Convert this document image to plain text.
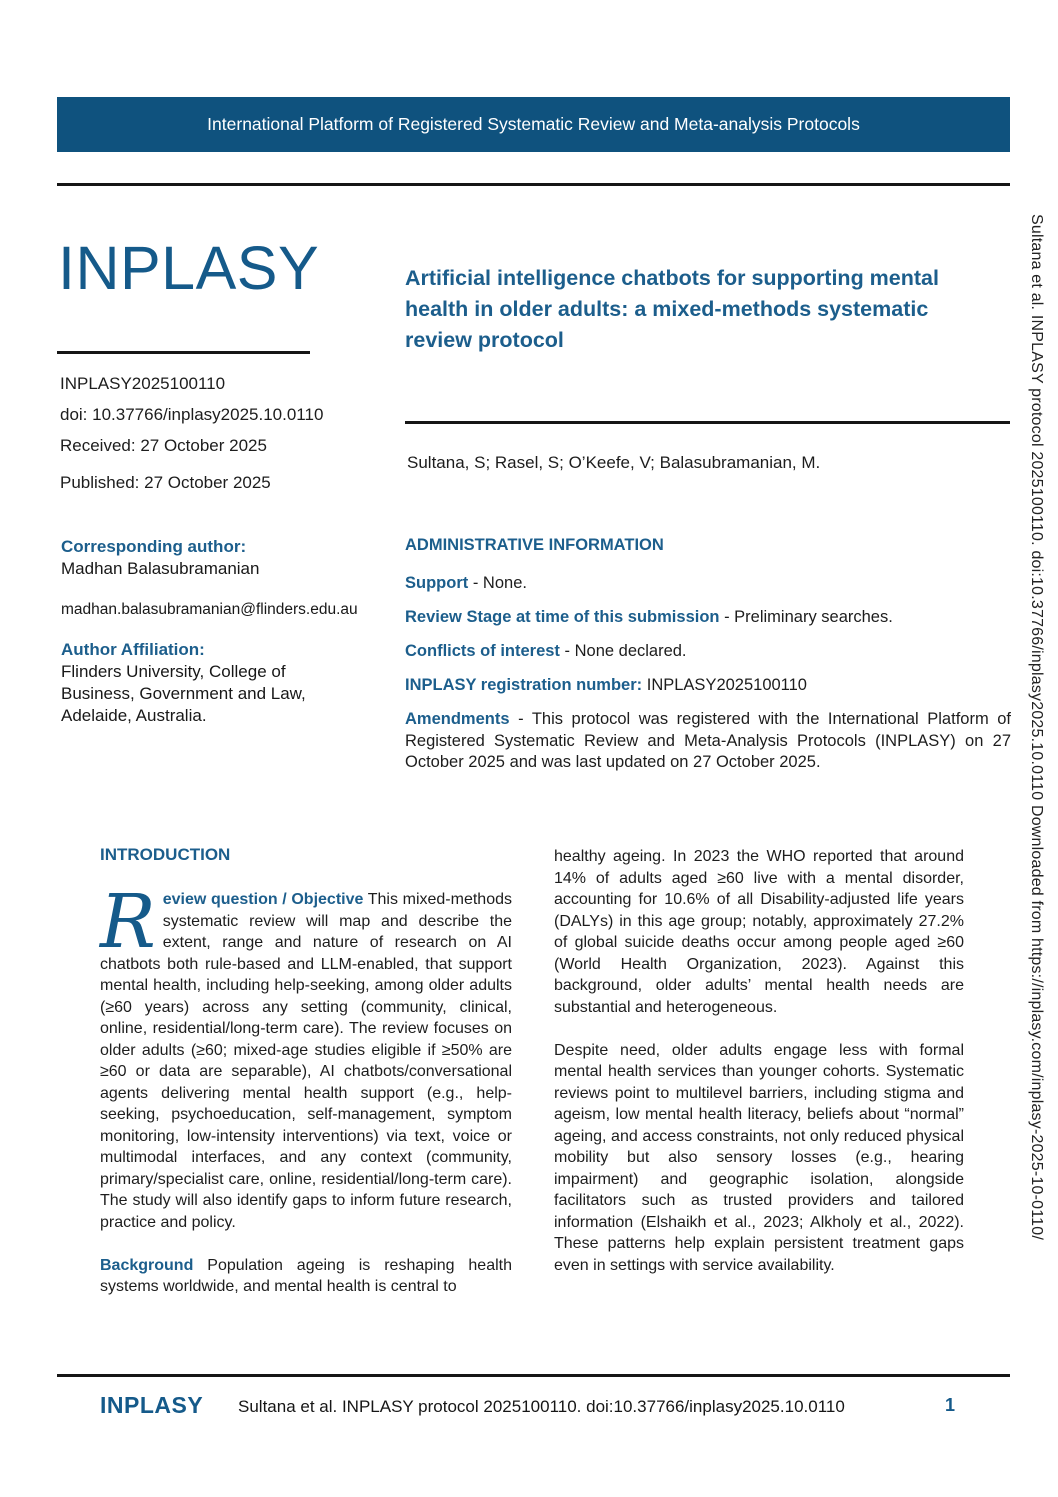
Sultana et al. INPLASY protocol 2025100110. doi:10.37766/inplasy2025.10.0110 Downloaded from https://inplasy.com/inplasy-2025-10-0110/
International Platform of Registered Systematic Review and Meta-analysis Protocols
INPLASY
INPLASY2025100110
doi: 10.37766/inplasy2025.10.0110
Received: 27 October 2025
Published: 27 October 2025
Artificial intelligence chatbots for supporting mental health in older adults: a mixed-methods systematic review protocol
Sultana, S; Rasel, S; O’Keefe, V; Balasubramanian, M.
Corresponding author:
Madhan Balasubramanian
madhan.balasubramanian@flinders.edu.au
Author Affiliation:
Flinders University, College of Business, Government and Law, Adelaide, Australia.
ADMINISTRATIVE INFORMATION
Support - None.
Review Stage at time of this submission - Preliminary searches.
Conflicts of interest - None declared.
INPLASY registration number: INPLASY2025100110

Amendments - This protocol was registered with the International Platform of Registered Systematic Review and Meta-Analysis Protocols (INPLASY) on 27 October 2025 and was last updated on 27 October 2025.

INTRODUCTION

R eview question / Objective This mixed-methods systematic review will map and describe the extent, range and nature of research on AI chatbots both rule-based and LLM-enabled, that support mental health, including help-seeking, among older adults (≥60 years) across any setting (community, clinical, online, residential/long-term care). The review focuses on older adults (≥60; mixed-age studies eligible if ≥50% are ≥60 or data are separable), AI chatbots/conversational agents delivering mental health support (e.g., help-seeking, psychoeducation, self-management, symptom monitoring, low-intensity interventions) via text, voice or multimodal interfaces, and any context (community, primary/specialist care, online, residential/long-term care). The study will also identify gaps to inform future research, practice and policy.

Background Population ageing is reshaping health systems worldwide, and mental health is central to

healthy ageing. In 2023 the WHO reported that around 14% of adults aged ≥60 live with a mental disorder, accounting for 10.6% of all Disability-adjusted life years (DALYs) in this age group; notably, approximately 27.2% of global suicide deaths occur among people aged ≥60 (World Health Organization, 2023). Against this background, older adults’ mental health needs are substantial and heterogeneous.

Despite need, older adults engage less with formal mental health services than younger cohorts. Systematic reviews point to multilevel barriers, including stigma and ageism, low mental health literacy, beliefs about “normal” ageing, and access constraints, not only reduced physical mobility but also sensory losses (e.g., hearing impairment) and geographic isolation, alongside facilitators such as trusted providers and tailored information (Elshaikh et al., 2023; Alkholy et al., 2022). These patterns help explain persistent treatment gaps even in settings with service availability.

INPLASY Sultana et al. INPLASY protocol 2025100110. doi:10.37766/inplasy2025.10.0110	1
